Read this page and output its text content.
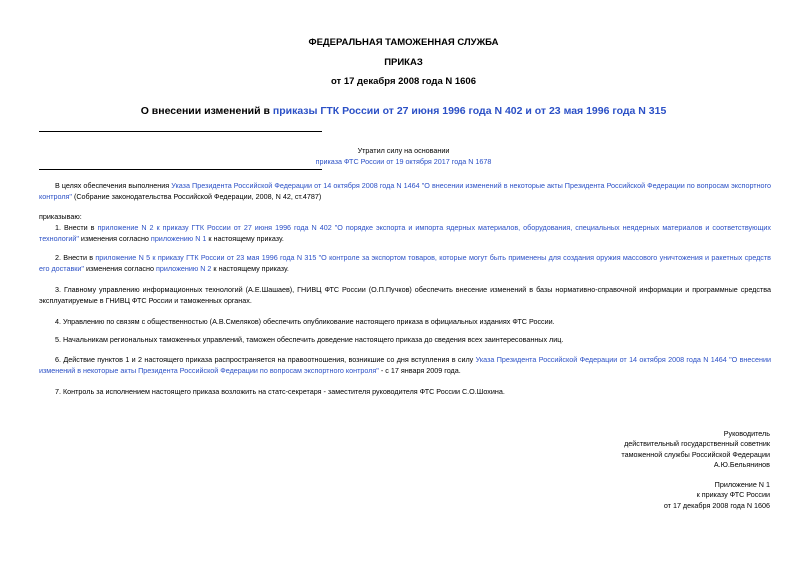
ФЕДЕРАЛЬНАЯ ТАМОЖЕННАЯ СЛУЖБА
ПРИКАЗ
от 17 декабря 2008 года N 1606
О внесении изменений в приказы ГТК России от 27 июня 1996 года N 402 и от 23 мая 1996 года N 315
Утратил силу на основании
приказа ФТС России от 19 октября 2017 года N 1678
В целях обеспечения выполнения Указа Президента Российской Федерации от 14 октября 2008 года N 1464 "О внесении изменений в некоторые акты Президента Российской Федерации по вопросам экспортного контроля" (Собрание законодательства Российской Федерации, 2008, N 42, ст.4787)
приказываю:
1. Внести в приложение N 2 к приказу ГТК России от 27 июня 1996 года N 402 "О порядке экспорта и импорта ядерных материалов, оборудования, специальных неядерных материалов и соответствующих технологий" изменения согласно приложению N 1 к настоящему приказу.
2. Внести в приложение N 5 к приказу ГТК России от 23 мая 1996 года N 315 "О контроле за экспортом товаров, которые могут быть применены для создания оружия массового уничтожения и ракетных средств его доставки" изменения согласно приложению N 2 к настоящему приказу.
3. Главному управлению информационных технологий (А.Е.Шашаев), ГНИВЦ ФТС России (О.П.Пучков) обеспечить внесение изменений в базы нормативно-справочной информации и программные средства эксплуатируемые в ГНИВЦ ФТС России и таможенных органах.
4. Управлению по связям с общественностью (А.В.Смеляков) обеспечить опубликование настоящего приказа в официальных изданиях ФТС России.
5. Начальникам региональных таможенных управлений, таможен обеспечить доведение настоящего приказа до сведения всех заинтересованных лиц.
6. Действие пунктов 1 и 2 настоящего приказа распространяется на правоотношения, возникшие со дня вступления в силу Указа Президента Российской Федерации от 14 октября 2008 года N 1464 "О внесении изменений в некоторые акты Президента Российской Федерации по вопросам экспортного контроля" - с 17 января 2009 года.
7. Контроль за исполнением настоящего приказа возложить на статс-секретаря - заместителя руководителя ФТС России С.О.Шохина.
Руководитель
действительный государственный советник
таможенной службы Российской Федерации
А.Ю.Бельянинов
Приложение N 1
к приказу ФТС России
от 17 декабря 2008 года N 1606
